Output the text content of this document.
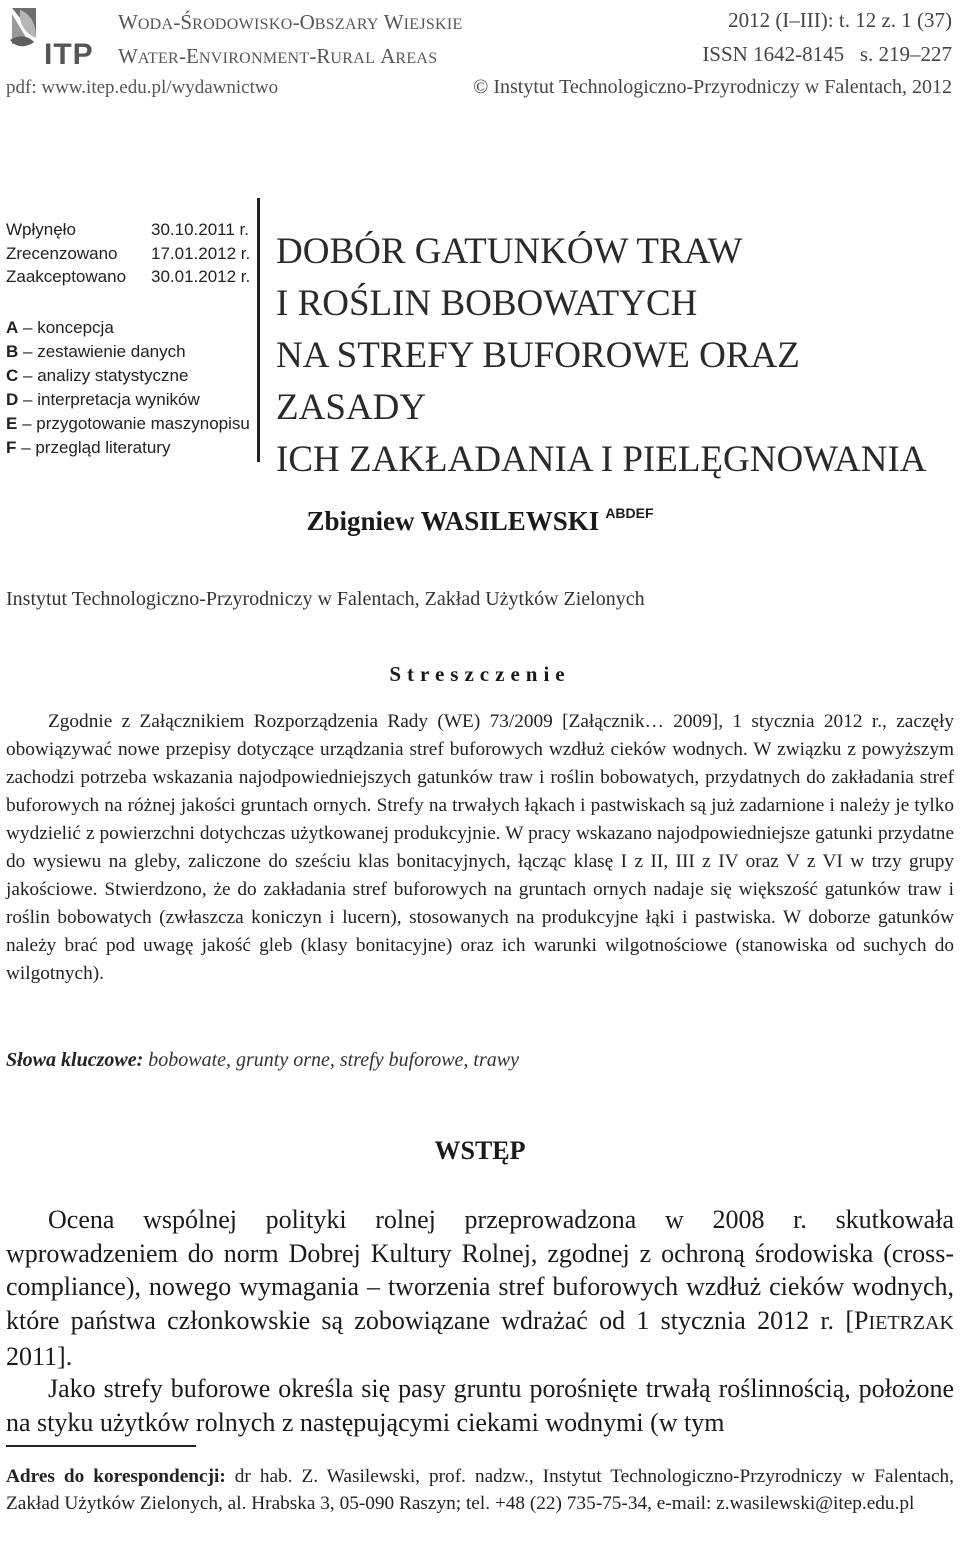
ITP
WODA-ŚRODOWISKO-OBSZARY WIEJSKIE
WATER-ENVIRONMENT-RURAL AREAS
2012 (I–III): t. 12 z. 1 (37)
ISSN 1642-8145   s. 219–227
pdf: www.itep.edu.pl/wydawnictwo	© Instytut Technologiczno-Przyrodniczy w Falentach, 2012
Wpłynęło	30.10.2011 r.
Zrecenzowano 17.01.2012 r.
Zaakceptowano 30.01.2012 r.
A – koncepcja
B – zestawienie danych
C – analizy statystyczne
D – interpretacja wyników
E – przygotowanie maszynopisu
F – przegląd literatury
DOBÓR GATUNKÓW TRAW
I ROŚLIN BOBOWATYCH
NA STREFY BUFOROWE ORAZ ZASADY
ICH ZAKŁADANIA I PIELĘGNOWANIA
Zbigniew WASILEWSKI $^{ABDEF}$
Instytut Technologiczno-Przyrodniczy w Falentach, Zakład Użytków Zielonych
Streszczenie

Zgodnie z Załącznikiem Rozporządzenia Rady (WE) 73/2009 [Załącznik… 2009], 1 stycznia 2012 r., zaczęły obowiązywać nowe przepisy dotyczące urządzania stref buforowych wzdłuż cieków wodnych. W związku z powyższym zachodzi potrzeba wskazania najodpowiedniejszych gatunków traw i roślin bobowatych, przydatnych do zakładania stref buforowych na różnej jakości gruntach ornych. Strefy na trwałych łąkach i pastwiskach są już zadarnione i należy je tylko wydzielić z powierzchni dotychczas użytkowanej produkcyjnie. W pracy wskazano najodpowiedniejsze gatunki przydatne do wysiewu na gleby, zaliczone do sześciu klas bonitacyjnych, łącząc klasę I z II, III z IV oraz V z VI w trzy grupy jakościowe. Stwierdzono, że do zakładania stref buforowych na gruntach ornych nadaje się większość gatunków traw i roślin bobowatych (zwłaszcza koniczyn i lucern), stosowanych na produkcyjne łąki i pastwiska. W doborze gatunków należy brać pod uwagę jakość gleb (klasy bonitacyjne) oraz ich warunki wilgotnościowe (stanowiska od suchych do wilgotnych).

Słowa kluczowe: bobowate, grunty orne, strefy buforowe, trawy
WSTĘP

Ocena wspólnej polityki rolnej przeprowadzona w 2008 r. skutkowała wprowadzeniem do norm Dobrej Kultury Rolnej, zgodnej z ochroną środowiska (cross-compliance), nowego wymagania – tworzenia stref buforowych wzdłuż cieków wodnych, które państwa członkowskie są zobowiązane wdrażać od 1 stycznia 2012 r. [PIETRZAK 2011].

Jako strefy buforowe określa się pasy gruntu porośnięte trwałą roślinnością, położone na styku użytków rolnych z następującymi ciekami wodnymi (w tym

Adres do korespondencji: dr hab. Z. Wasilewski, prof. nadzw., Instytut Technologiczno-Przyrodniczy w Falentach, Zakład Użytków Zielonych, al. Hrabska 3, 05-090 Raszyn; tel. +48 (22) 735-75-34, e-mail: z.wasilewski@itep.edu.pl
